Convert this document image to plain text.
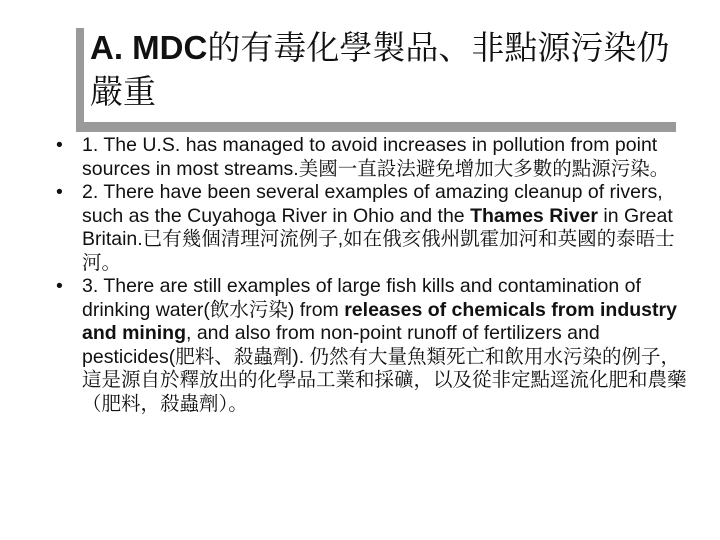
A. MDC的有毒化學製品、非點源污染仍嚴重
• 1. The U.S. has managed to avoid increases in pollution from point sources in most streams.美國一直設法避免增加大多數的點源污染。
• 2. There have been several examples of amazing cleanup of rivers, such as the Cuyahoga River in Ohio and the Thames River in Great Britain.已有幾個清理河流例子,如在俄亥俄州凱霍加河和英國的泰晤士河。
• 3. There are still examples of large fish kills and contamination of drinking water(飲水污染) from releases of chemicals from industry and mining, and also from non-point runoff of fertilizers and pesticides(肥料、殺蟲劑). 仍然有大量魚類死亡和飲用水污染的例子，這是源自於釋放出的化學品工業和採礦，以及從非定點逕流化肥和農藥（肥料，殺蟲劑）。
